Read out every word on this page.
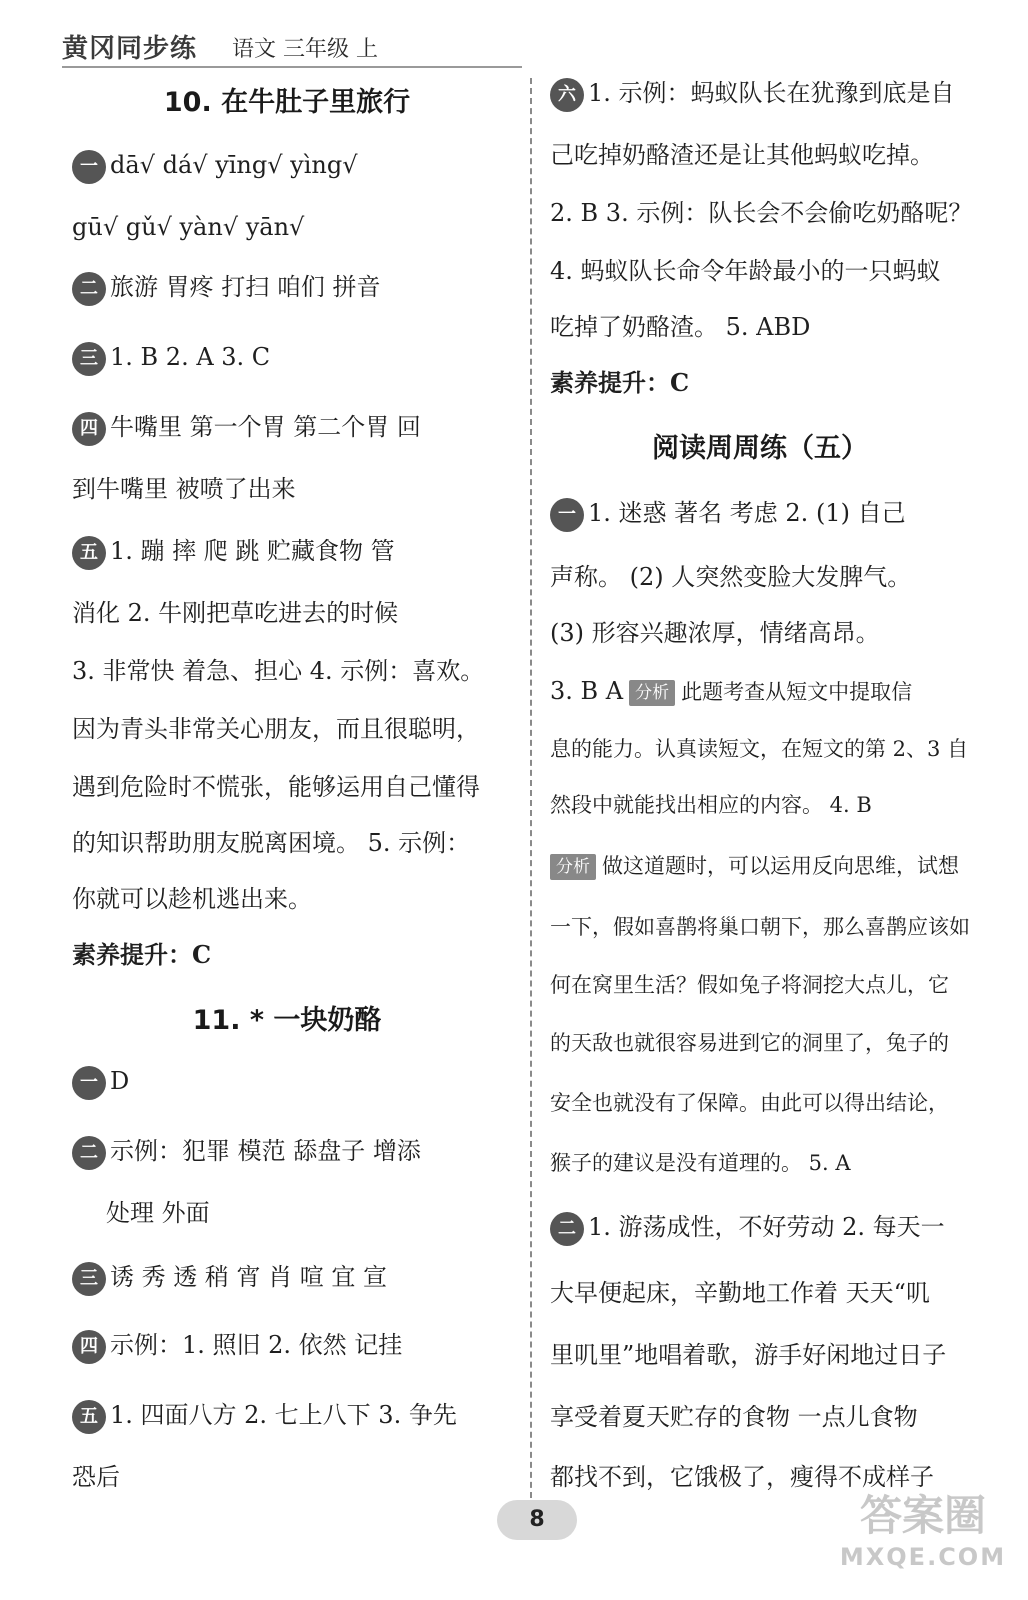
黄冈同步练 语文 三年级 上
10. 在牛肚子里旅行
一 dā√ dá√ yīng√ yìng√
gū√ gǔ√ yàn√ yān√
二 旅游 胃疼 打扫 咱们 拼音
三 1. B 2. A 3. C
四 牛嘴里 第一个胃 第二个胃 回
到牛嘴里 被喷了出来
五 1. 蹦 摔 爬 跳 贮藏食物 管
消化 2. 牛刚把草吃进去的时候
3. 非常快 着急、担心 4. 示例：喜欢。
因为青头非常关心朋友，而且很聪明，
遇到危险时不慌张，能够运用自己懂得
的知识帮助朋友脱离困境。 5. 示例：
你就可以趁机逃出来。
素养提升：C
11. * 一块奶酪
一 D
二 示例：犯罪 模范 舔盘子 增添
处理 外面
三 诱 秀 透 稍 宵 肖 喧 宜 宣
四 示例：1. 照旧 2. 依然 记挂
五 1. 四面八方 2. 七上八下 3. 争先
恐后
六 1. 示例：蚂蚁队长在犹豫到底是自
己吃掉奶酪渣还是让其他蚂蚁吃掉。
2. B 3. 示例：队长会不会偷吃奶酪呢？
4. 蚂蚁队长命令年龄最小的一只蚂蚁
吃掉了奶酪渣。 5. ABD
素养提升：C
阅读周周练（五）
一 1. 迷惑 著名 考虑 2. (1) 自己
声称。 (2) 人突然变脸大发脾气。
(3) 形容兴趣浓厚，情绪高昂。
3. B A 分析 此题考查从短文中提取信
息的能力。认真读短文，在短文的第 2、3 自
然段中就能找出相应的内容。 4. B
分析 做这道题时，可以运用反向思维，试想
一下，假如喜鹊将巢口朝下，那么喜鹊应该如
何在窝里生活？假如兔子将洞挖大点儿，它
的天敌也就很容易进到它的洞里了，兔子的
安全也就没有了保障。由此可以得出结论，
猴子的建议是没有道理的。 5. A
二 1. 游荡成性，不好劳动 2. 每天一
大早便起床，辛勤地工作着 天天“叽
里叽里”地唱着歌，游手好闲地过日子
享受着夏天贮存的食物 一点儿食物
都找不到，它饿极了，瘦得不成样子
8	答案圈
MXQE.COM
